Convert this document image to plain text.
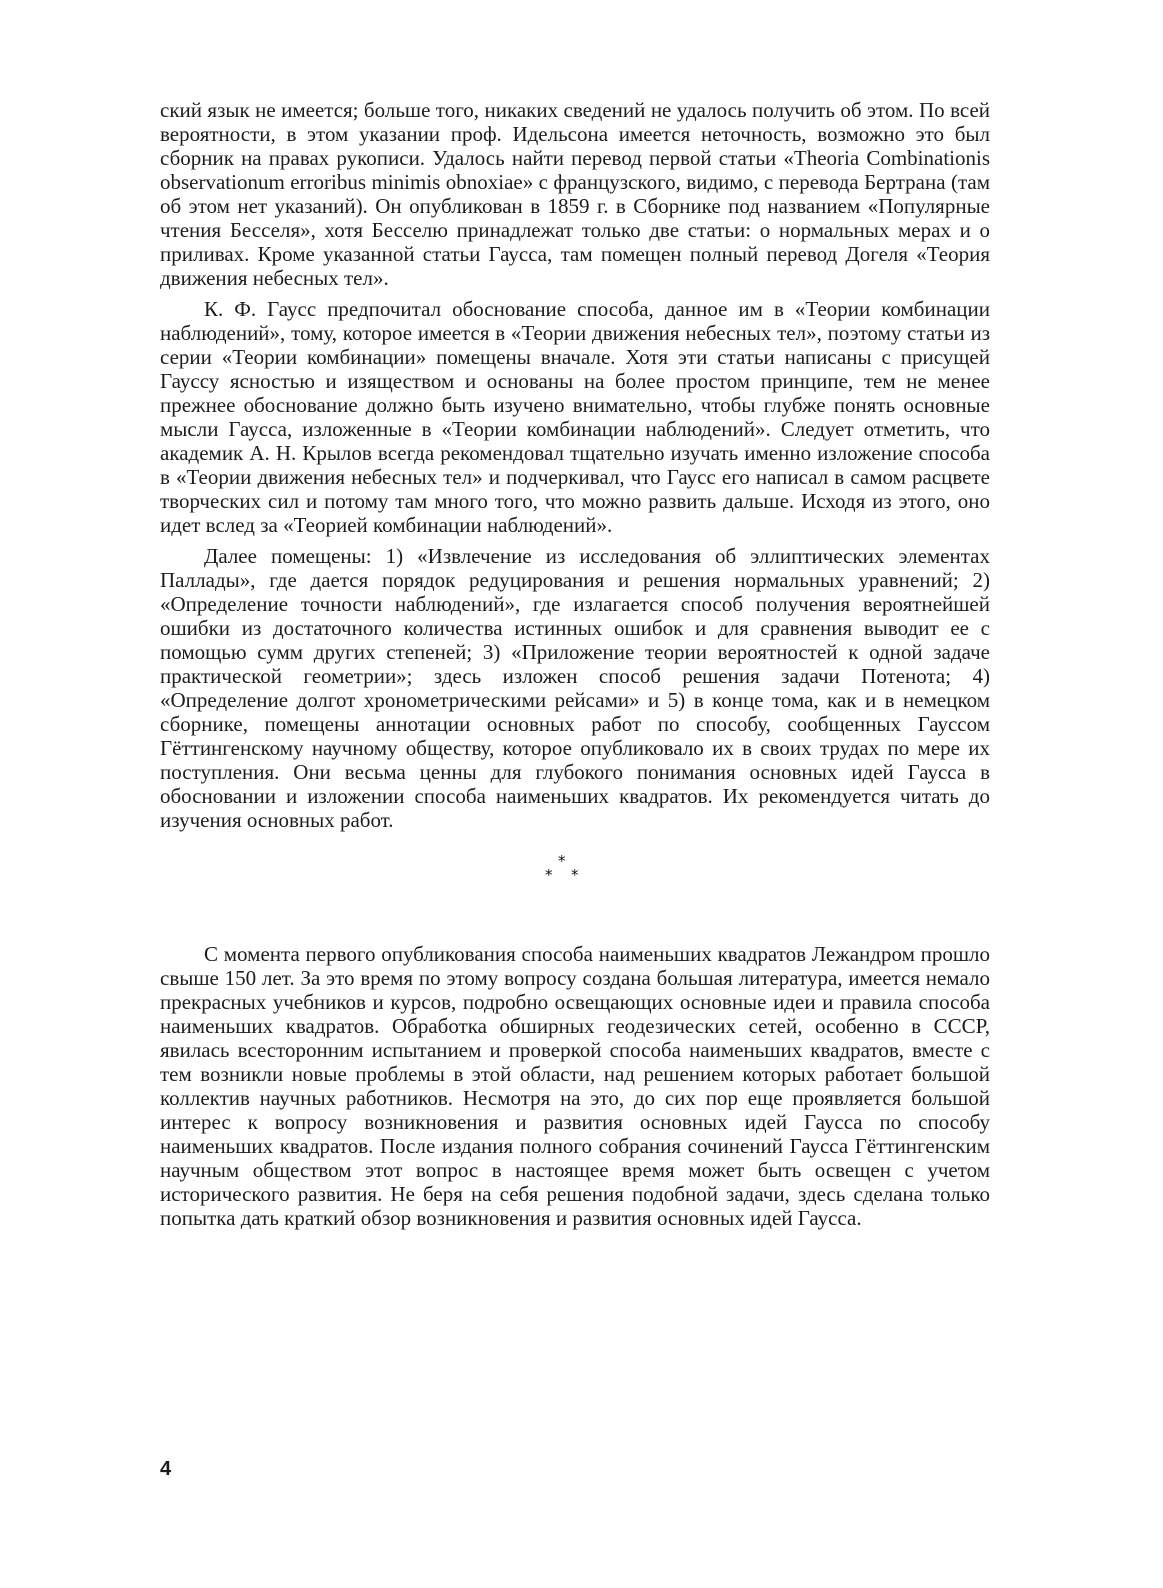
ский язык не имеется; больше того, никаких сведений не удалось получить об этом. По всей вероятности, в этом указании проф. Идельсона имеется неточность, возможно это был сборник на правах рукописи. Удалось найти перевод первой статьи «Theoria Combinationis observationum erroribus minimis obnoxiae» с французского, видимо, с перевода Бертрана (там об этом нет указаний). Он опубликован в 1859 г. в Сборнике под названием «Популярные чтения Бесселя», хотя Бесселю принадлежат только две статьи: о нормальных мерах и о приливах. Кроме указанной статьи Гаусса, там помещен полный перевод Догеля «Теория движения небесных тел».

К. Ф. Гаусс предпочитал обоснование способа, данное им в «Теории комбинации наблюдений», тому, которое имеется в «Теории движения небесных тел», поэтому статьи из серии «Теории комбинации» помещены вначале. Хотя эти статьи написаны с присущей Гауссу ясностью и изяществом и основаны на более простом принципе, тем не менее прежнее обоснование должно быть изучено внимательно, чтобы глубже понять основные мысли Гаусса, изложенные в «Теории комбинации наблюдений». Следует отметить, что академик А. Н. Крылов всегда рекомендовал тщательно изучать именно изложение способа в «Теории движения небесных тел» и подчеркивал, что Гаусс его написал в самом расцвете творческих сил и потому там много того, что можно развить дальше. Исходя из этого, оно идет вслед за «Теорией комбинации наблюдений».

Далее помещены: 1) «Извлечение из исследования об эллиптических элементах Паллады», где дается порядок редуцирования и решения нормальных уравнений; 2) «Определение точности наблюдений», где излагается способ получения вероятнейшей ошибки из достаточного количества истинных ошибок и для сравнения выводит ее с помощью сумм других степеней; 3) «Приложение теории вероятностей к одной задаче практической геометрии»; здесь изложен способ решения задачи Потенота; 4) «Определение долгот хронометрическими рейсами» и 5) в конце тома, как и в немецком сборнике, помещены аннотации основных работ по способу, сообщенных Гауссом Гёттингенскому научному обществу, которое опубликовало их в своих трудах по мере их поступления. Они весьма ценны для глубокого понимания основных идей Гаусса в обосновании и изложении способа наименьших квадратов. Их рекомендуется читать до изучения основных работ.

*
* *

С момента первого опубликования способа наименьших квадратов Лежандром прошло свыше 150 лет. За это время по этому вопросу создана большая литература, имеется немало прекрасных учебников и курсов, подробно освещающих основные идеи и правила способа наименьших квадратов. Обработка обширных геодезических сетей, особенно в СССР, явилась всесторонним испытанием и проверкой способа наименьших квадратов, вместе с тем возникли новые проблемы в этой области, над решением которых работает большой коллектив научных работников. Несмотря на это, до сих пор еще проявляется большой интерес к вопросу возникновения и развития основных идей Гаусса по способу наименьших квадратов. После издания полного собрания сочинений Гаусса Гёттингенским научным обществом этот вопрос в настоящее время может быть освещен с учетом исторического развития. Не беря на себя решения подобной задачи, здесь сделана только попытка дать краткий обзор возникновения и развития основных идей Гаусса.

4
